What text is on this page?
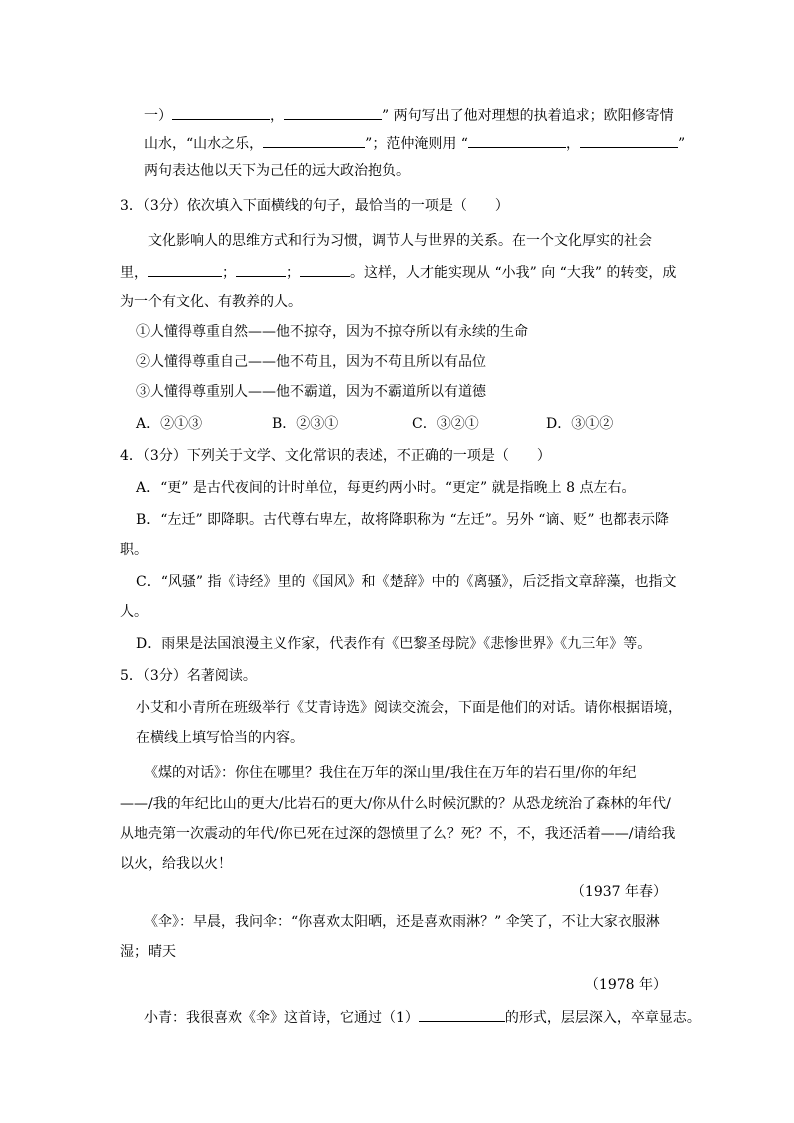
一）	，	” 两句写出了他对理想的执着追求；欧阳修寄情
山水，“山水之乐，	”；范仲淹则用 “	，	”
两句表达他以天下为己任的远大政治抱负。
3．（3分）依次填入下面横线的句子，最恰当的一项是（　　）
文化影响人的思维方式和行为习惯，调节人与世界的关系。在一个文化厚实的社会
里，	；	；	。这样，人才能实现从 “小我” 向 “大我” 的转变，成
为一个有文化、有教养的人。
①人懂得尊重自然——他不掠夺，因为不掠夺所以有永续的生命
②人懂得尊重自己——他不苟且，因为不苟且所以有品位
③人懂得尊重别人——他不霸道，因为不霸道所以有道德
A．②①③	B．②③①	C．③②①	D．③①②
4．（3分）下列关于文学、文化常识的表述，不正确的一项是（　　）
A．“更” 是古代夜间的计时单位，每更约两小时。“更定” 就是指晚上 8 点左右。
B．“左迁” 即降职。古代尊右卑左，故将降职称为 “左迁”。另外 “谪、贬” 也都表示降
职。
C．“风骚” 指《诗经》里的《国风》和《楚辞》中的《离骚》，后泛指文章辞藻，也指文
人。
D．雨果是法国浪漫主义作家，代表作有《巴黎圣母院》《悲惨世界》《九三年》等。
5．（3分）名著阅读。
小艾和小青所在班级举行《艾青诗选》阅读交流会，下面是他们的对话。请你根据语境，
在横线上填写恰当的内容。
《煤的对话》：你住在哪里？我住在万年的深山里/我住在万年的岩石里/你的年纪
——/我的年纪比山的更大/比岩石的更大/你从什么时候沉默的？从恐龙统治了森林的年代/
从地壳第一次震动的年代/你已死在过深的怨愤里了么？死？不，不，我还活着——/请给我
以火，给我以火！
（1937 年春）
《伞》：早晨，我问伞：“你喜欢太阳晒，还是喜欢雨淋？” 伞笑了，不让大家衣服淋
湿；晴天
（1978 年）
小青：我很喜欢《伞》这首诗，它通过（1）	的形式，层层深入，卒章显志。
